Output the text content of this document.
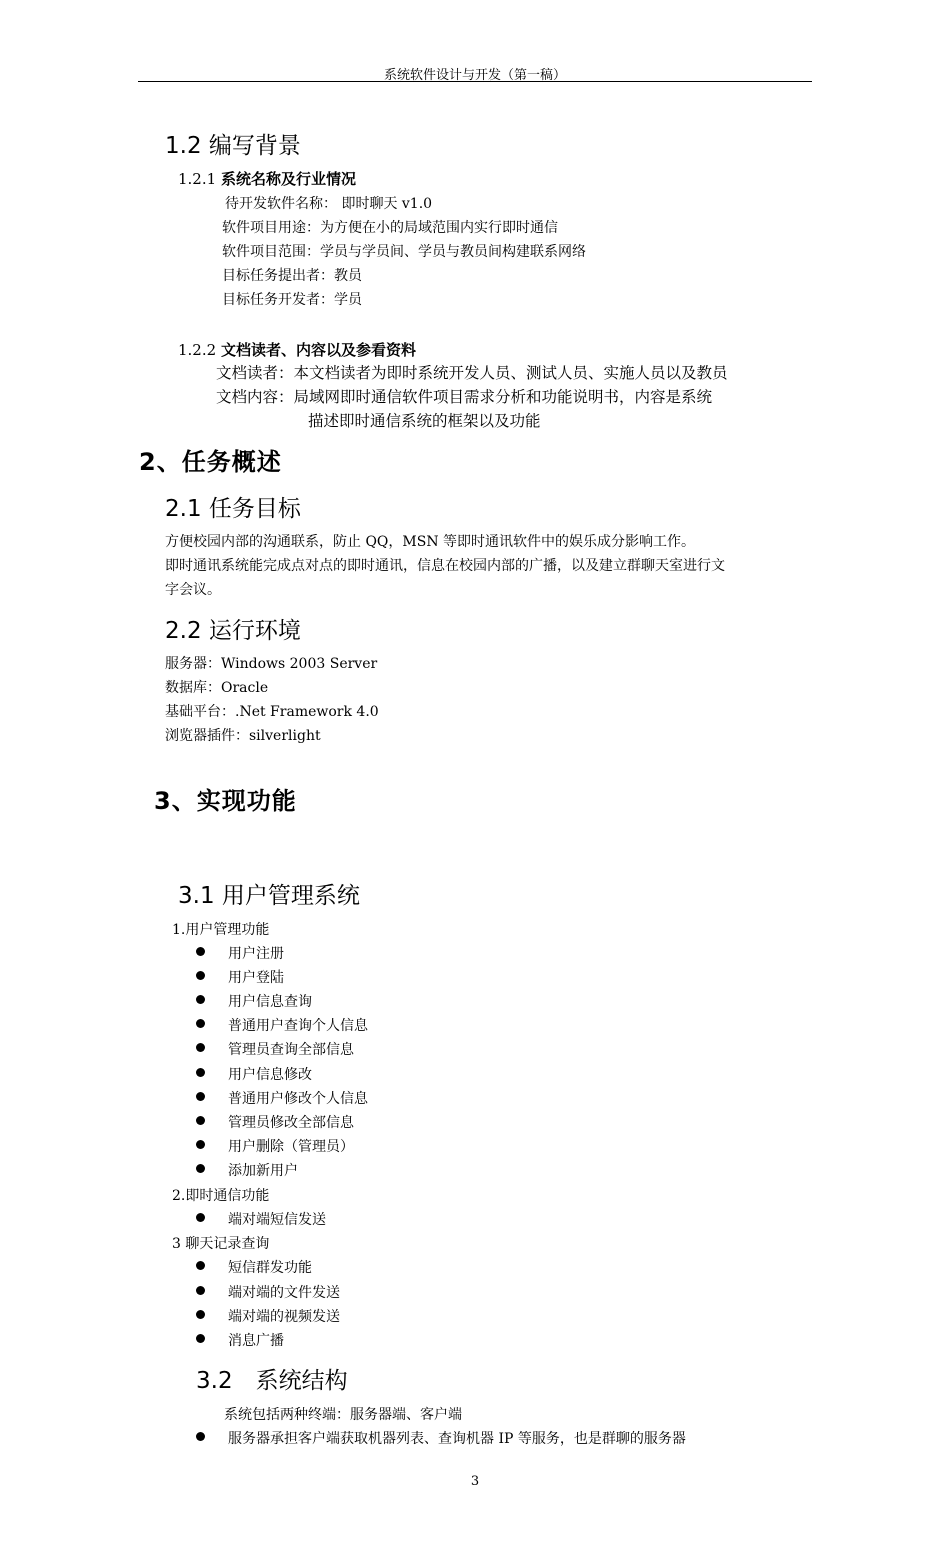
系统软件设计与开发（第一稿）
1.2 编写背景
1.2.1 系统名称及行业情况
待开发软件名称： 即时聊天 v1.0
软件项目用途：为方便在小的局域范围内实行即时通信
软件项目范围：学员与学员间、学员与教员间构建联系网络
目标任务提出者：教员
目标任务开发者：学员
1.2.2 文档读者、内容以及参看资料
文档读者：本文档读者为即时系统开发人员、测试人员、实施人员以及教员
文档内容：局域网即时通信软件项目需求分析和功能说明书，内容是系统
描述即时通信系统的框架以及功能
2、任务概述
2.1 任务目标
方便校园内部的沟通联系，防止 QQ，MSN 等即时通讯软件中的娱乐成分影响工作。
即时通讯系统能完成点对点的即时通讯，信息在校园内部的广播，以及建立群聊天室进行文
字会议。
2.2 运行环境
服务器：Windows 2003 Server
数据库：Oracle
基础平台：.Net Framework 4.0
浏览器插件：silverlight
3、实现功能
3.1 用户管理系统
1.用户管理功能
用户注册
用户登陆
用户信息查询
普通用户查询个人信息
管理员查询全部信息
用户信息修改
普通用户修改个人信息
管理员修改全部信息
用户删除（管理员）
添加新用户
2.即时通信功能
端对端短信发送
3 聊天记录查询
短信群发功能
端对端的文件发送
端对端的视频发送
消息广播
3.2　系统结构
系统包括两种终端：服务器端、客户端
服务器承担客户端获取机器列表、查询机器 IP 等服务，也是群聊的服务器
3
